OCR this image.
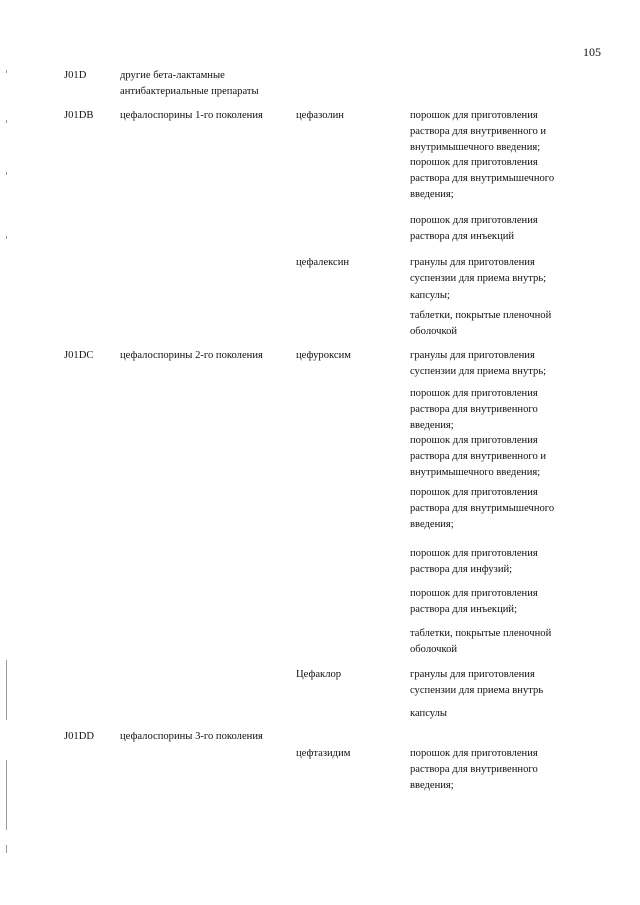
105
J01D	другие бета-лактамные
антибактериальные препараты
J01DB	цефалоспорины 1-го поколения	цефазолин	порошок для приготовления
раствора для внутривенного и
внутримышечного введения;
порошок для приготовления
раствора для внутримышечного
введения;
порошок для приготовления
раствора для инъекций
цефалексин	гранулы для приготовления
суспензии для приема внутрь;
капсулы;
таблетки, покрытые пленочной
оболочкой
J01DC	цефалоспорины 2-го поколения	цефуроксим	гранулы для приготовления
суспензии для приема внутрь;
порошок для приготовления
раствора для внутривенного
введения;
порошок для приготовления
раствора для внутривенного и
внутримышечного введения;
порошок для приготовления
раствора для внутримышечного
введения;
порошок для приготовления
раствора для инфузий;
порошок для приготовления
раствора для инъекций;
таблетки, покрытые пленочной
оболочкой
Цефаклор	гранулы для приготовления
суспензии для приема внутрь
капсулы
J01DD цефалоспорины 3-го поколения
цефтазидим	порошок для приготовления
раствора для внутривенного
введения;
